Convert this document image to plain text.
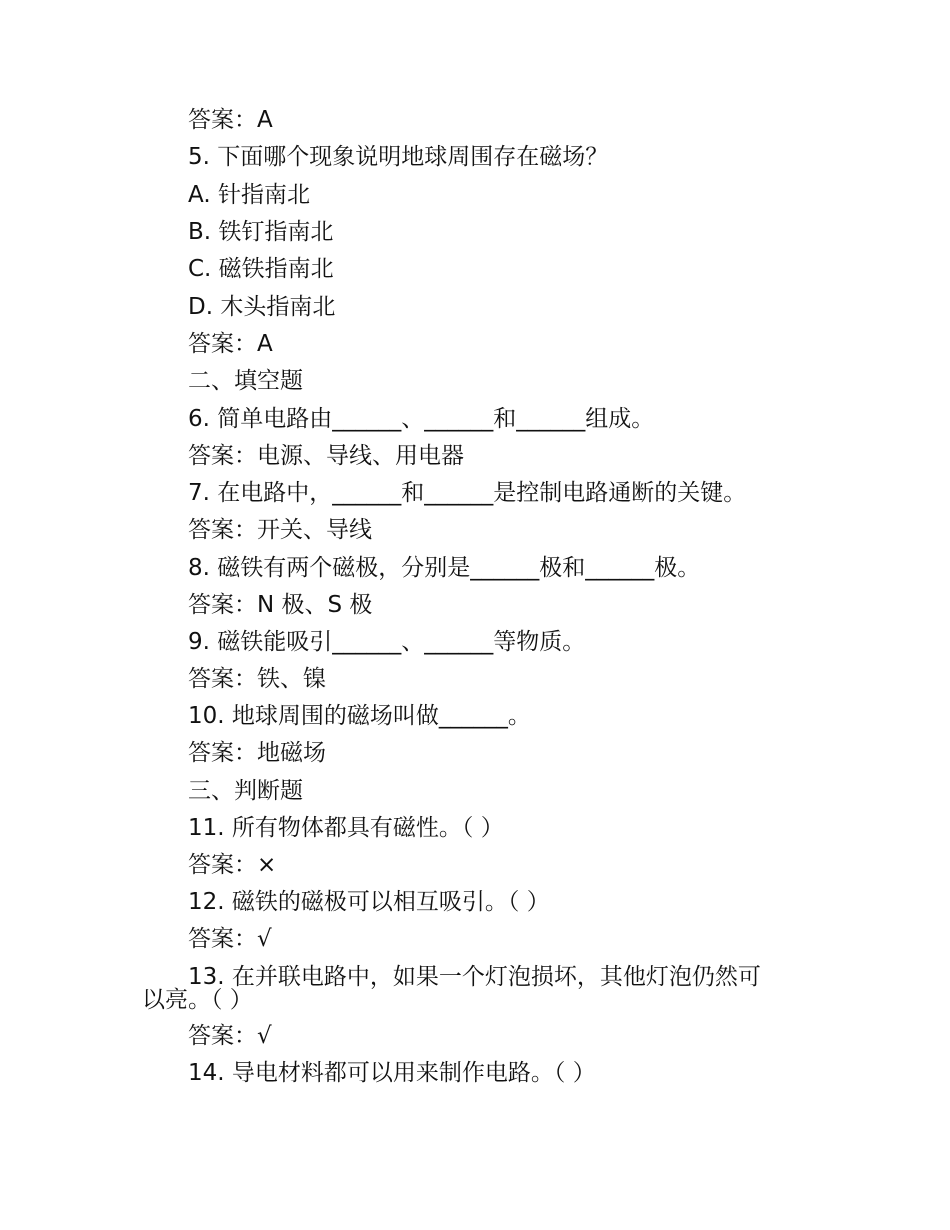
答案：A
5. 下面哪个现象说明地球周围存在磁场？
A. 针指南北
B. 铁钉指南北
C. 磁铁指南北
D. 木头指南北
答案：A
二、填空题
6. 简单电路由______、______和______组成。
答案：电源、导线、用电器
7. 在电路中，______和______是控制电路通断的关键。
答案：开关、导线
8. 磁铁有两个磁极，分别是______极和______极。
答案：N 极、S 极
9. 磁铁能吸引______、______等物质。
答案：铁、镍
10. 地球周围的磁场叫做______。
答案：地磁场
三、判断题
11. 所有物体都具有磁性。（ ）
答案：×
12. 磁铁的磁极可以相互吸引。（ ）
答案：√
13. 在并联电路中，如果一个灯泡损坏，其他灯泡仍然可
以亮。（ ）
答案：√
14. 导电材料都可以用来制作电路。（ ）
